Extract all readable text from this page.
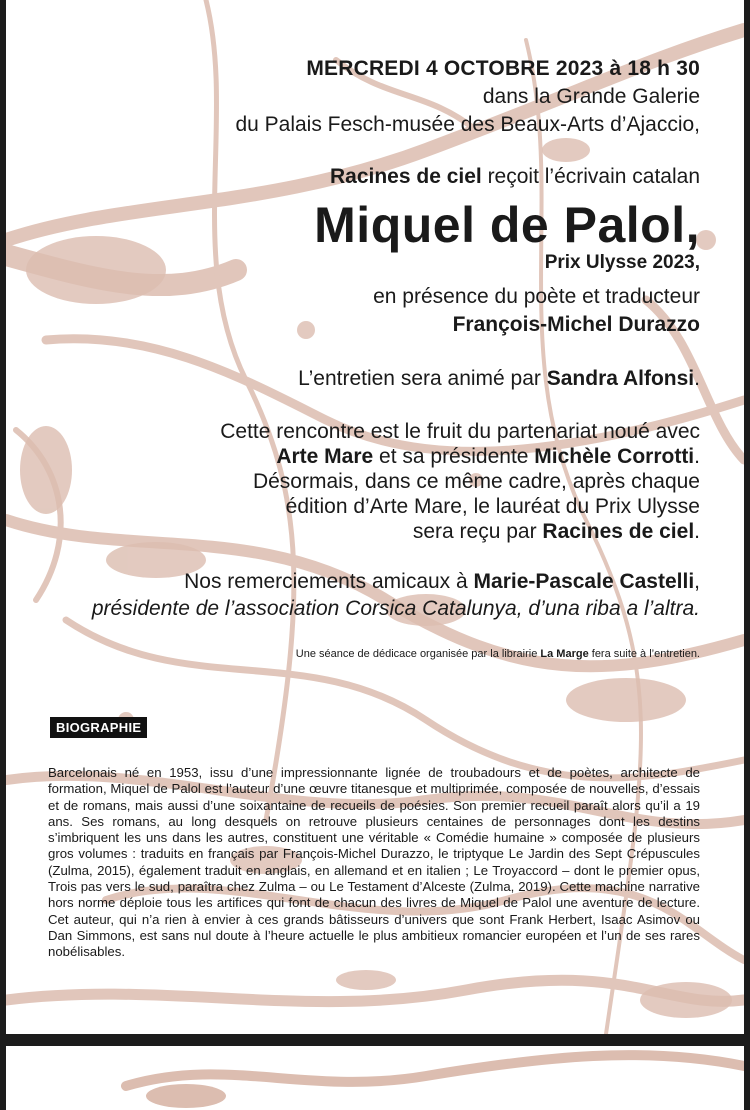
MERCREDI 4 OCTOBRE 2023 à 18 h 30
dans la Grande Galerie
du Palais Fesch-musée des Beaux-Arts d’Ajaccio,
Racines de ciel reçoit l’écrivain catalan
Miquel de Palol,
Prix Ulysse 2023,
en présence du poète et traducteur
François-Michel Durazzo
L’entretien sera animé par Sandra Alfonsi.
Cette rencontre est le fruit du partenariat noué avec
Arte Mare et sa présidente Michèle Corrotti.
Désormais, dans ce même cadre, après chaque
édition d’Arte Mare, le lauréat du Prix Ulysse
sera reçu par Racines de ciel.
Nos remerciements amicaux à Marie-Pascale Castelli,
présidente de l’association Corsica Catalunya, d’una riba a l’altra.
Une séance de dédicace organisée par la librairie La Marge fera suite à l’entretien.
BIOGRAPHIE
Barcelonais né en 1953, issu d’une impressionnante lignée de troubadours et de poètes, architecte de formation, Miquel de Palol est l’auteur d’une œuvre titanesque et multiprimée, composée de nouvelles, d’essais et de romans, mais aussi d’une soixantaine de recueils de poésies. Son premier recueil paraît alors qu’il a 19 ans. Ses romans, au long desquels on retrouve plusieurs centaines de personnages dont les destins s’imbriquent les uns dans les autres, constituent une véritable « Comédie humaine » composée de plusieurs gros volumes : traduits en français par François-Michel Durazzo, le triptyque Le Jardin des Sept Crépuscules (Zulma, 2015), également traduit en anglais, en allemand et en italien ; Le Troyaccord – dont le premier opus, Trois pas vers le sud, paraîtra chez Zulma – ou Le Testament d’Alceste (Zulma, 2019). Cette machine narrative hors norme déploie tous les artifices qui font de chacun des livres de Miquel de Palol une aventure de lecture. Cet auteur, qui n’a rien à envier à ces grands bâtisseurs d’univers que sont Frank Herbert, Isaac Asimov ou Dan Simmons, est sans nul doute à l’heure actuelle le plus ambitieux romancier européen et l’un de ses rares nobélisables.
